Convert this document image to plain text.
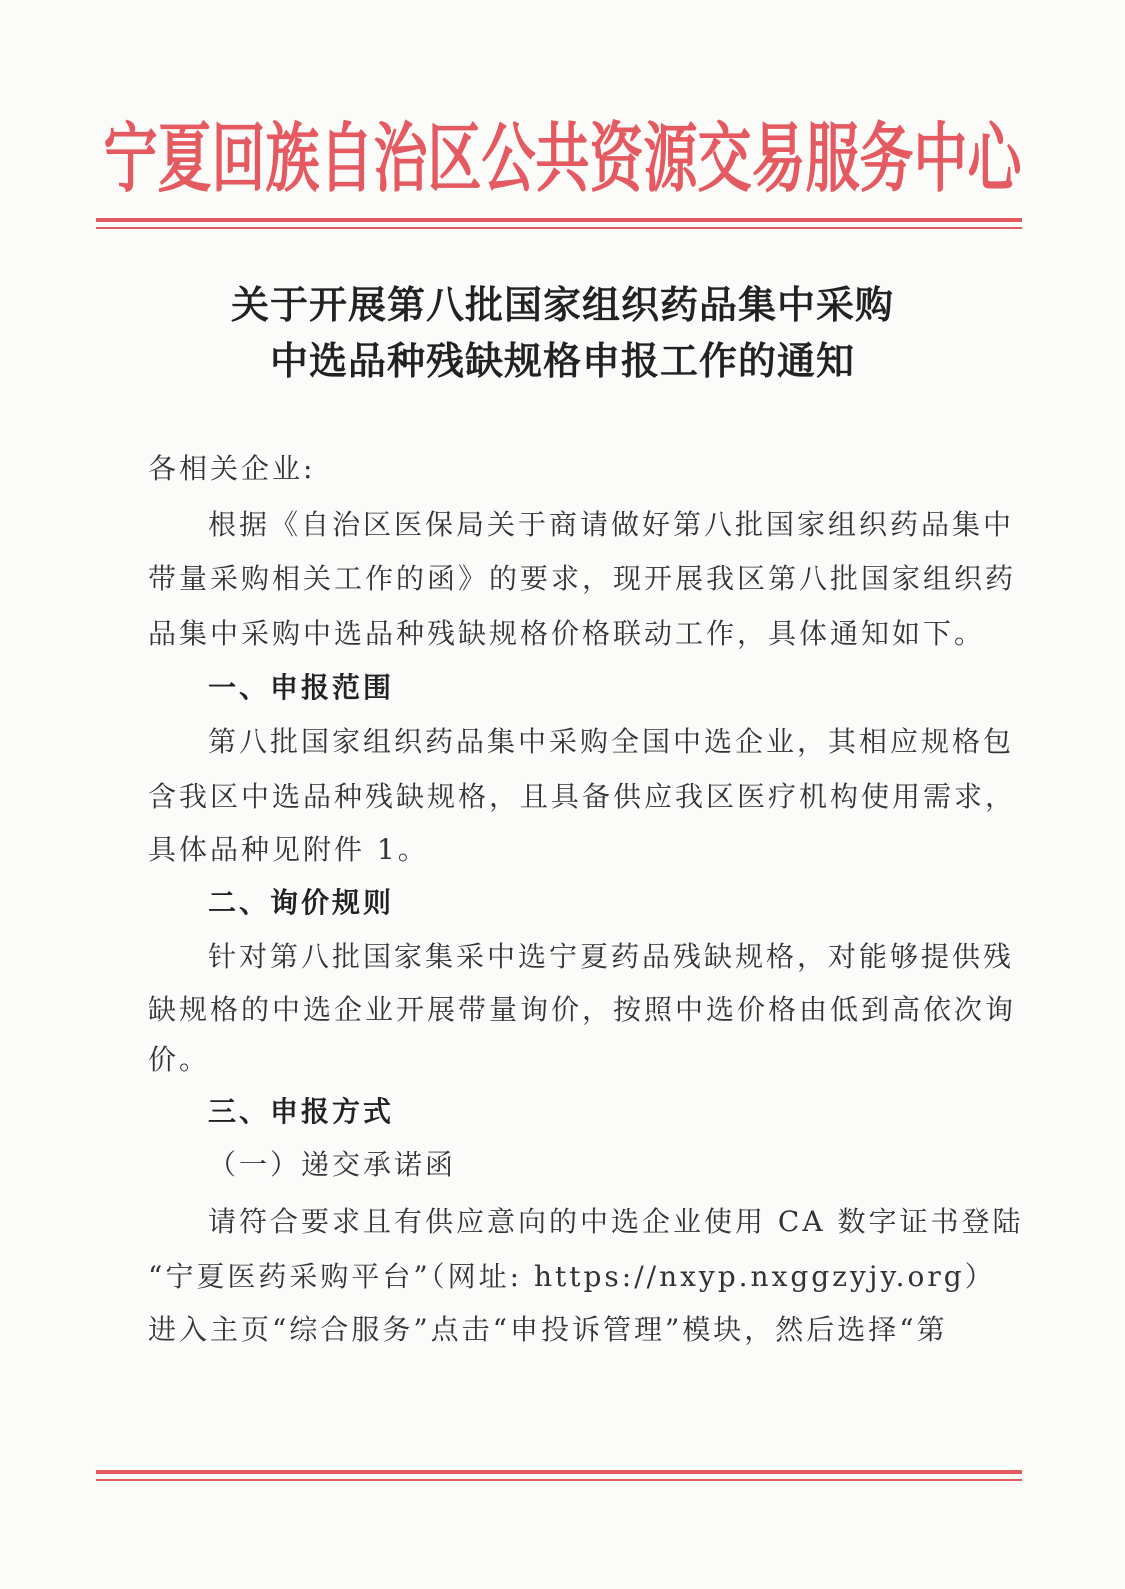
宁夏回族自治区公共资源交易服务中心
关于开展第八批国家组织药品集中采购
中选品种残缺规格申报工作的通知
各相关企业:
根据《自治区医保局关于商请做好第八批国家组织药品集中
带量采购相关工作的函》的要求，现开展我区第八批国家组织药
品集中采购中选品种残缺规格价格联动工作，具体通知如下。
一、申报范围
第八批国家组织药品集中采购全国中选企业，其相应规格包
含我区中选品种残缺规格，且具备供应我区医疗机构使用需求，
具体品种见附件 1。
二、询价规则
针对第八批国家集采中选宁夏药品残缺规格，对能够提供残
缺规格的中选企业开展带量询价，按照中选价格由低到高依次询
价。
三、申报方式
（一）递交承诺函
请符合要求且有供应意向的中选企业使用 CA 数字证书登陆
“宁夏医药采购平台”（网址: https://nxyp.nxggzyjy.org）
进入主页“综合服务”点击“申投诉管理”模块，然后选择“第
